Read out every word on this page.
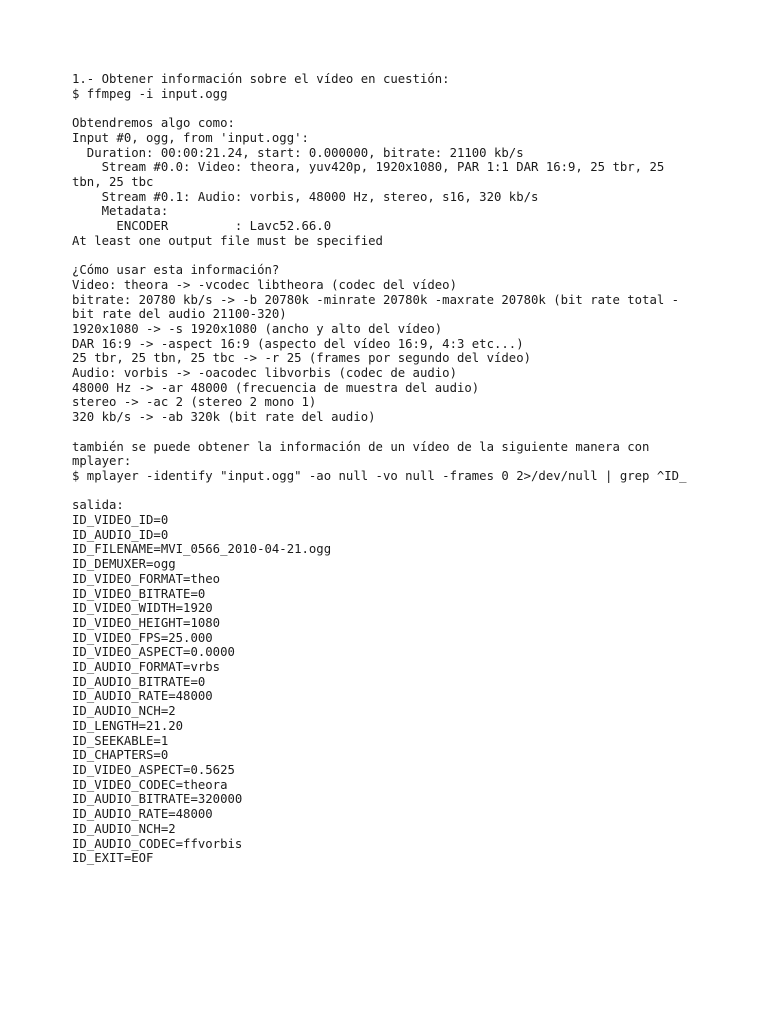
1.- Obtener información sobre el vídeo en cuestión:
$ ffmpeg -i input.ogg
Obtendremos algo como:
Input #0, ogg, from 'input.ogg':
Duration: 00:00:21.24, start: 0.000000, bitrate: 21100 kb/s
Stream #0.0: Video: theora, yuv420p, 1920x1080, PAR 1:1 DAR 16:9, 25 tbr, 25
tbn, 25 tbc
Stream #0.1: Audio: vorbis, 48000 Hz, stereo, s16, 320 kb/s
Metadata:
ENCODER         : Lavc52.66.0
At least one output file must be specified
¿Cómo usar esta información?
Video: theora -> -vcodec libtheora (codec del vídeo)
bitrate: 20780 kb/s -> -b 20780k -minrate 20780k -maxrate 20780k (bit rate total -
bit rate del audio 21100-320)
1920x1080 -> -s 1920x1080 (ancho y alto del vídeo)
DAR 16:9 -> -aspect 16:9 (aspecto del vídeo 16:9, 4:3 etc...)
25 tbr, 25 tbn, 25 tbc -> -r 25 (frames por segundo del vídeo)
Audio: vorbis -> -oacodec libvorbis (codec de audio)
48000 Hz -> -ar 48000 (frecuencia de muestra del audio)
stereo -> -ac 2 (stereo 2 mono 1)
320 kb/s -> -ab 320k (bit rate del audio)
también se puede obtener la información de un vídeo de la siguiente manera con
mplayer:
$ mplayer -identify "input.ogg" -ao null -vo null -frames 0 2>/dev/null | grep ^ID_
salida:
ID_VIDEO_ID=0
ID_AUDIO_ID=0
ID_FILENAME=MVI_0566_2010-04-21.ogg
ID_DEMUXER=ogg
ID_VIDEO_FORMAT=theo
ID_VIDEO_BITRATE=0
ID_VIDEO_WIDTH=1920
ID_VIDEO_HEIGHT=1080
ID_VIDEO_FPS=25.000
ID_VIDEO_ASPECT=0.0000
ID_AUDIO_FORMAT=vrbs
ID_AUDIO_BITRATE=0
ID_AUDIO_RATE=48000
ID_AUDIO_NCH=2
ID_LENGTH=21.20
ID_SEEKABLE=1
ID_CHAPTERS=0
ID_VIDEO_ASPECT=0.5625
ID_VIDEO_CODEC=theora
ID_AUDIO_BITRATE=320000
ID_AUDIO_RATE=48000
ID_AUDIO_NCH=2
ID_AUDIO_CODEC=ffvorbis
ID_EXIT=EOF
